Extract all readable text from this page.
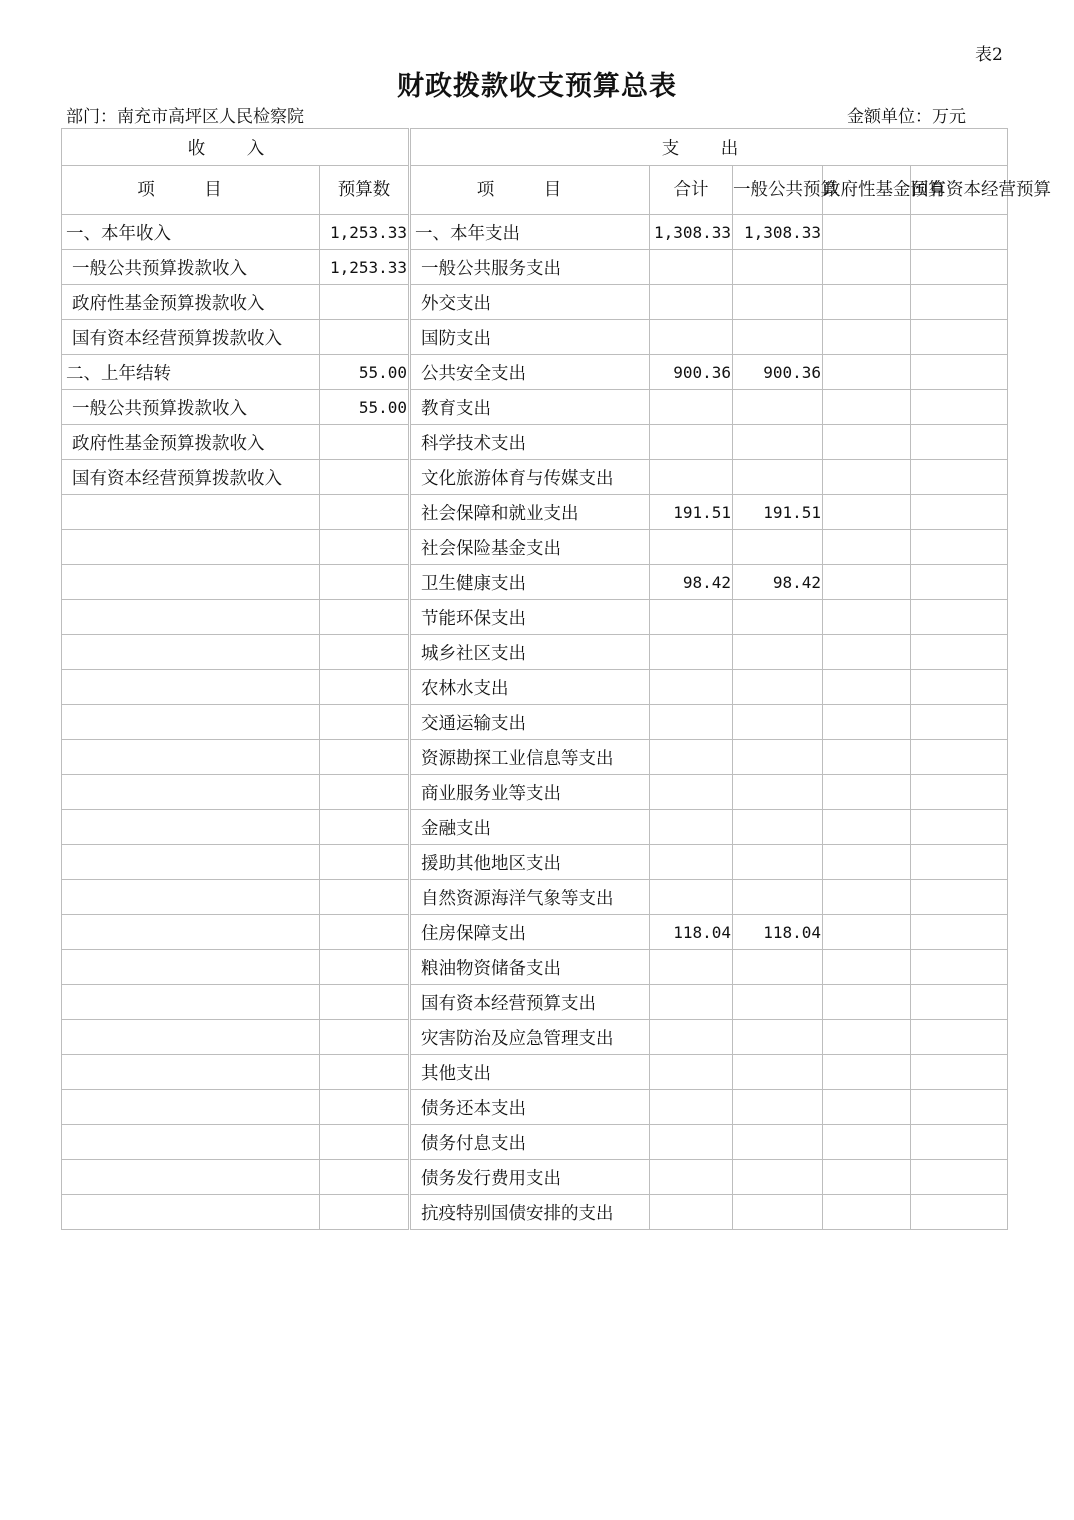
表2
财政拨款收支预算总表
部门：南充市高坪区人民检察院	金额单位：万元
收 入		支 出				
项 目	预算数	项 目	合计	一般公共预算	政府性基金预算	国有资本经营预算
一、本年收入	1,253.33	一、本年支出	1,308.33	1,308.33		
一般公共预算拨款收入	1,253.33	一般公共服务支出				
政府性基金预算拨款收入		外交支出				
国有资本经营预算拨款收入		国防支出				
二、上年结转	55.00	公共安全支出	900.36	900.36		
一般公共预算拨款收入	55.00	教育支出				
政府性基金预算拨款收入		科学技术支出				
国有资本经营预算拨款收入		文化旅游体育与传媒支出				
		社会保障和就业支出	191.51	191.51		
		社会保险基金支出				
		卫生健康支出	98.42	98.42		
		节能环保支出				
		城乡社区支出				
		农林水支出				
		交通运输支出				
		资源勘探工业信息等支出				
		商业服务业等支出				
		金融支出				
		援助其他地区支出				
		自然资源海洋气象等支出				
		住房保障支出	118.04	118.04		
		粮油物资储备支出				
		国有资本经营预算支出				
		灾害防治及应急管理支出				
		其他支出				
		债务还本支出				
		债务付息支出				
		债务发行费用支出				
		抗疫特别国债安排的支出				
